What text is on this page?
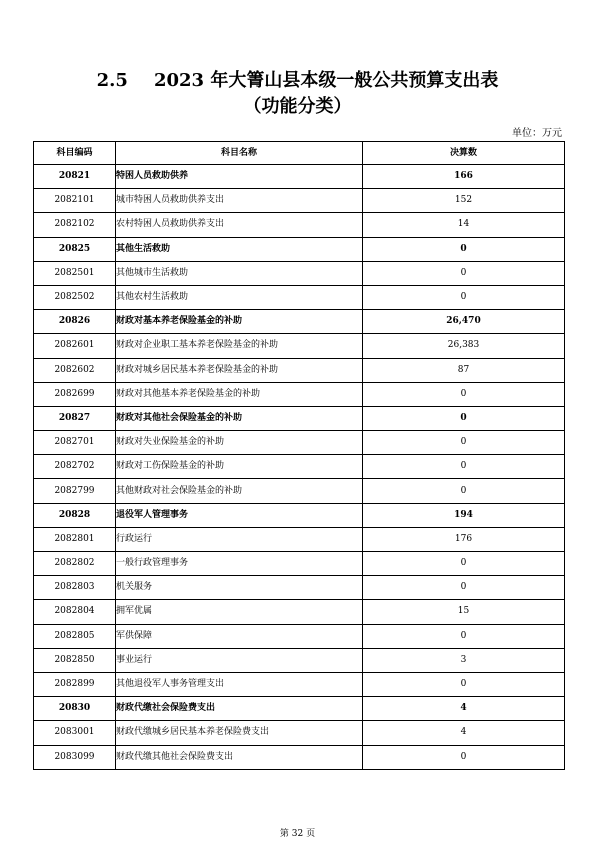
2.5 2023 年大箐山县本级一般公共预算支出表
（功能分类）
单位：万元
科目编码	科目名称	决算数
20821	特困人员救助供养	166
2082101	城市特困人员救助供养支出	152
2082102	农村特困人员救助供养支出	14
20825	其他生活救助	0
2082501	其他城市生活救助	0
2082502	其他农村生活救助	0
20826	财政对基本养老保险基金的补助	26,470
2082601	财政对企业职工基本养老保险基金的补助	26,383
2082602	财政对城乡居民基本养老保险基金的补助	87
2082699	财政对其他基本养老保险基金的补助	0
20827	财政对其他社会保险基金的补助	0
2082701	财政对失业保险基金的补助	0
2082702	财政对工伤保险基金的补助	0
2082799	其他财政对社会保险基金的补助	0
20828	退役军人管理事务	194
2082801	行政运行	176
2082802	一般行政管理事务	0
2082803	机关服务	0
2082804	拥军优属	15
2082805	军供保障	0
2082850	事业运行	3
2082899	其他退役军人事务管理支出	0
20830	财政代缴社会保险费支出	4
2083001	财政代缴城乡居民基本养老保险费支出	4
2083099	财政代缴其他社会保险费支出	0
第 32 页
